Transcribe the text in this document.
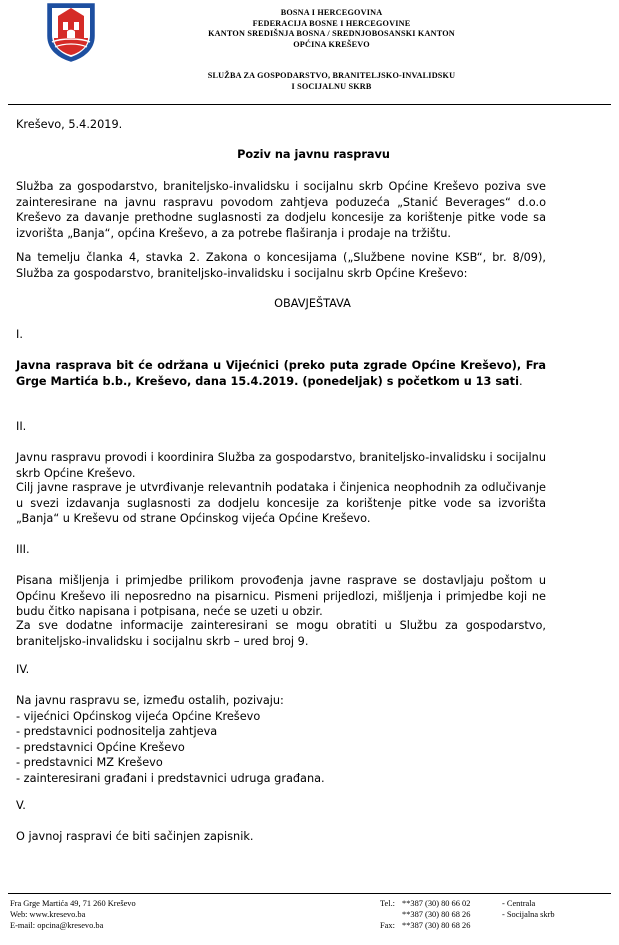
BOSNA I HERCEGOVINA
FEDERACIJA BOSNE I HERCEGOVINE
KANTON SREDIŠNJA BOSNA / SREDNJOBOSANSKI KANTON
OPĆINA KREŠEVO
SLUŽBA ZA GOSPODARSTVO, BRANITELJSKO-INVALIDSKU
I SOCIJALNU SKRB
Kreševo, 5.4.2019.
Poziv na javnu raspravu
Služba za gospodarstvo, braniteljsko-invalidsku i socijalnu skrb Općine Kreševo poziva sve zainteresirane na javnu raspravu povodom zahtjeva poduzeća „Stanić Beverages“ d.o.o Kreševo za davanje prethodne suglasnosti za dodjelu koncesije za korištenje pitke vode sa izvorišta „Banja“, općina Kreševo, a za potrebe flaširanja i prodaje na tržištu.
Na temelju članka 4, stavka 2. Zakona o koncesijama („Službene novine KSB“, br. 8/09), Služba za gospodarstvo, braniteljsko-invalidsku i socijalnu skrb Općine Kreševo:
OBAVJEŠTAVA
I.
Javna rasprava bit će održana u Vijećnici (preko puta zgrade Općine Kreševo), Fra Grge Martića b.b., Kreševo, dana 15.4.2019. (ponedeljak) s početkom u 13 sati.
II.
Javnu raspravu provodi i koordinira Služba za gospodarstvo, braniteljsko-invalidsku i socijalnu skrb Općine Kreševo.
Cilj javne rasprave je utvrđivanje relevantnih podataka i činjenica neophodnih za odlučivanje u svezi izdavanja suglasnosti za dodjelu koncesije za korištenje pitke vode sa izvorišta „Banja“ u Kreševu od strane Općinskog vijeća Općine Kreševo.
III.
Pisana mišljenja i primjedbe prilikom provođenja javne rasprave se dostavljaju poštom u Općinu Kreševo ili neposredno na pisarnicu. Pismeni prijedlozi, mišljenja i primjedbe koji ne budu čitko napisana i potpisana, neće se uzeti u obzir.
Za sve dodatne informacije zainteresirani se mogu obratiti u Službu za gospodarstvo, braniteljsko-invalidsku i socijalnu skrb – ured broj 9.
IV.
Na javnu raspravu se, između ostalih, pozivaju:
- vijećnici Općinskog vijeća Općine Kreševo
- predstavnici podnositelja zahtjeva
- predstavnici Općine Kreševo
- predstavnici MZ Kreševo
- zainteresirani građani i predstavnici udruga građana.
V.
O javnoj raspravi će biti sačinjen zapisnik.
Fra Grge Martića 49, 71 260 Kreševo
Web: www.kresevo.ba
E-mail: opcina@kresevo.ba
Tel.: **387 (30) 80 66 02	- Centrala
**387 (30) 80 68 26	- Socijalna skrb
Fax: **387 (30) 80 68 26
